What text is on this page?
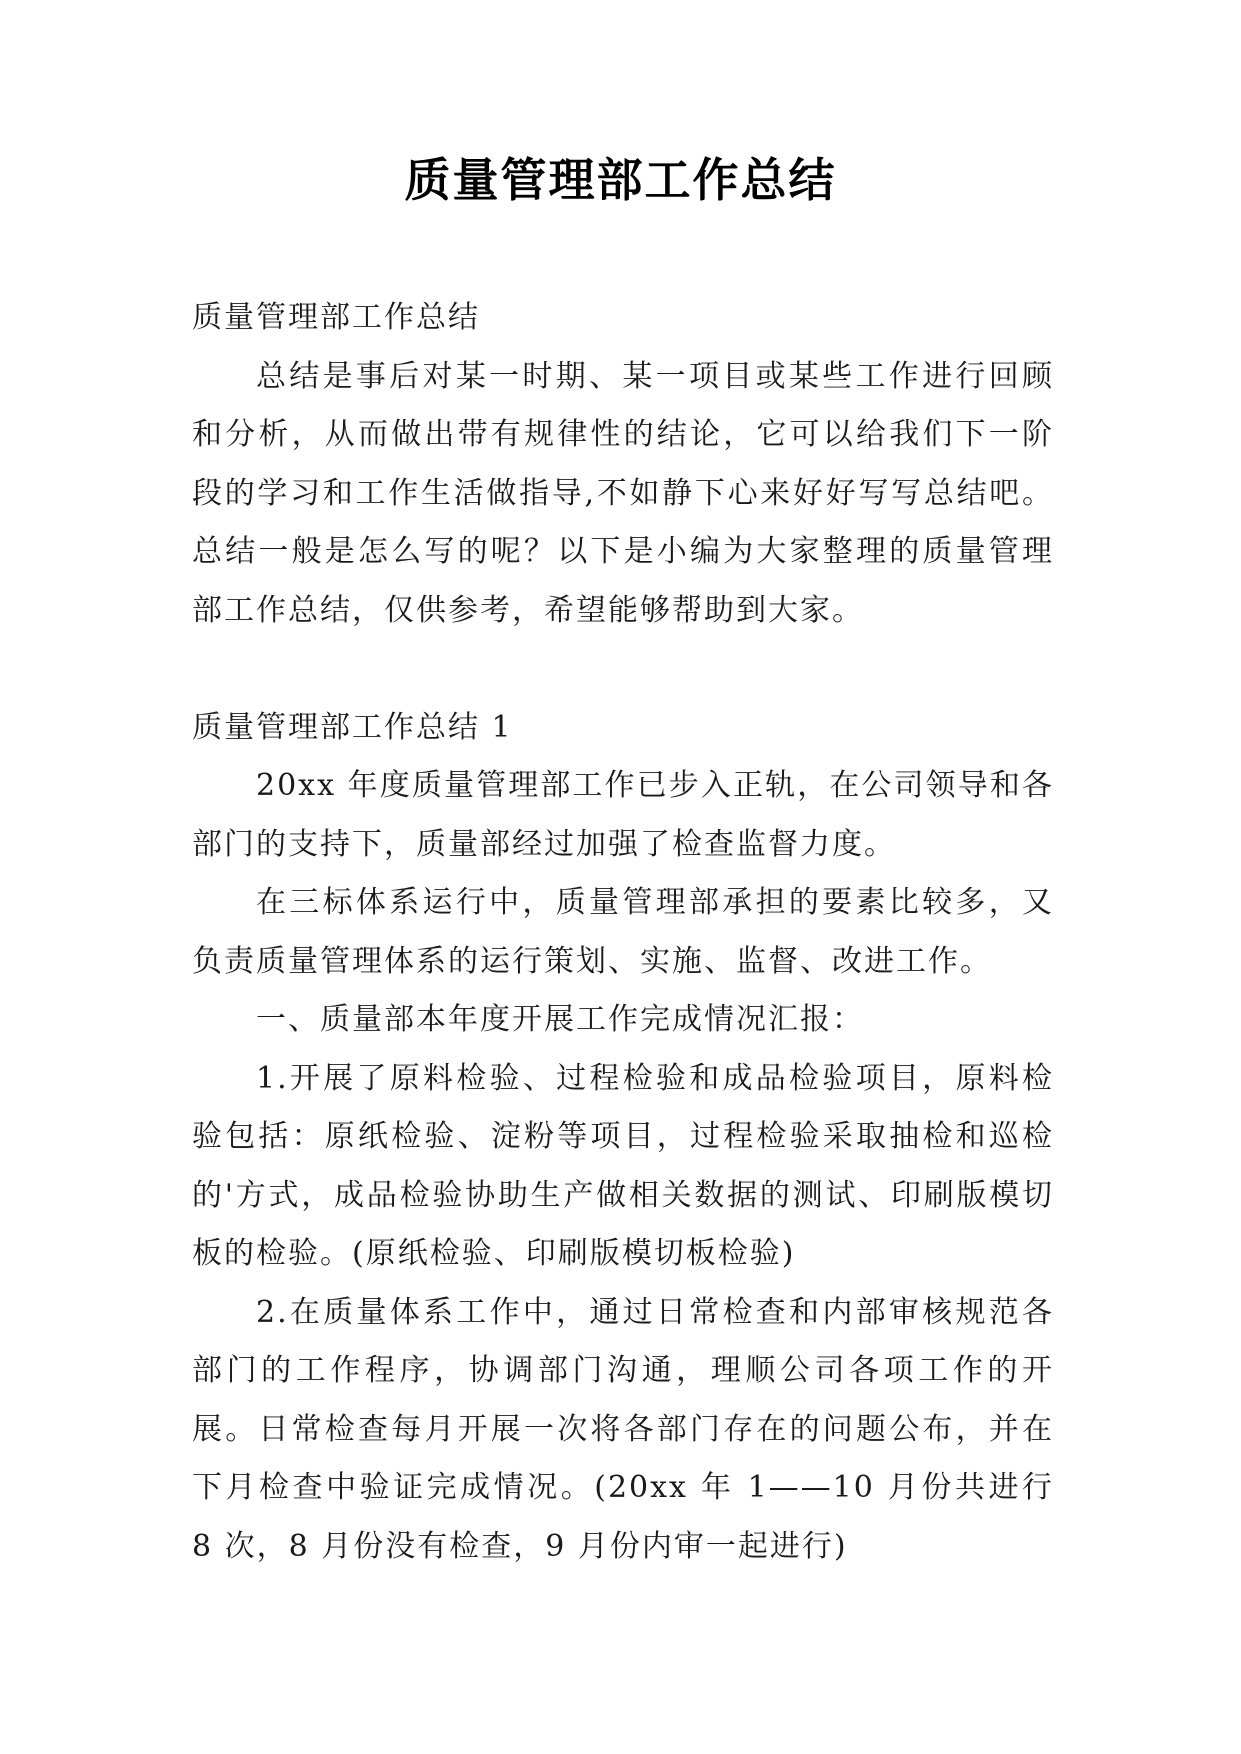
质量管理部工作总结

质量管理部工作总结

总结是事后对某一时期、某一项目或某些工作进行回顾和分析，从而做出带有规律性的结论，它可以给我们下一阶段的学习和工作生活做指导,不如静下心来好好写写总结吧。总结一般是怎么写的呢？以下是小编为大家整理的质量管理部工作总结，仅供参考，希望能够帮助到大家。

质量管理部工作总结 1

20xx 年度质量管理部工作已步入正轨，在公司领导和各部门的支持下，质量部经过加强了检查监督力度。

在三标体系运行中，质量管理部承担的要素比较多，又负责质量管理体系的运行策划、实施、监督、改进工作。

一、质量部本年度开展工作完成情况汇报：

1.开展了原料检验、过程检验和成品检验项目，原料检验包括：原纸检验、淀粉等项目，过程检验采取抽检和巡检的'方式，成品检验协助生产做相关数据的测试、印刷版模切板的检验。(原纸检验、印刷版模切板检验)

2.在质量体系工作中，通过日常检查和内部审核规范各部门的工作程序，协调部门沟通，理顺公司各项工作的开展。日常检查每月开展一次将各部门存在的问题公布，并在下月检查中验证完成情况。(20xx 年 1——10 月份共进行 8 次，8 月份没有检查，9 月份内审一起进行)
